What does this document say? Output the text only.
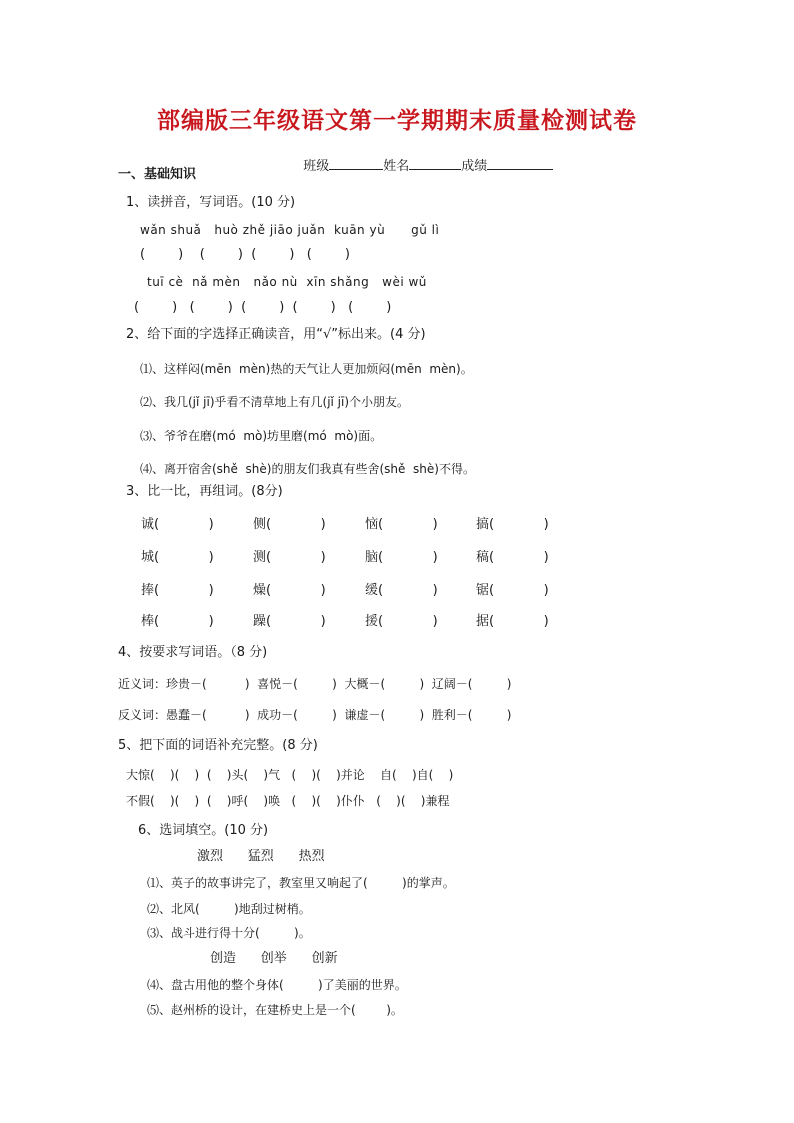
部编版三年级语文第一学期期末质量检测试卷

班级	姓名	成绩

一、基础知识
1、读拼音，写词语。(10 分)
wǎn shuǎ   huò zhě jiāo juǎn  kuān yù      gǔ lì
(        )    (        )  (        )   (        )
tuī cè  nǎ mèn   nǎo nù  xīn shǎng   wèi wǔ
(        )   (        )  (        )  (        )   (        )
2、给下面的字选择正确读音，用“√”标出来。(4 分)
⑴、这样闷(mēn  mèn)热的天气让人更加烦闷(mēn  mèn)。
⑵、我几(jǐ jī)乎看不清草地上有几(jǐ jī)个小朋友。
⑶、爷爷在磨(mó  mò)坊里磨(mó  mò)面。
⑷、离开宿舍(shě  shè)的朋友们我真有些舍(shě  shè)不得。
3、比一比，再组词。(8分)
诚(            )	侧(            )	恼(            )	搞(            )
城(            )	测(            )	脑(            )	稿(            )
捧(            )	燥(            )	缓(            )	锯(            )
棒(            )	躁(            )	援(            )	据(            )
4、按要求写词语。（8 分)
近义词：珍贵－(          )  喜悦－(         )  大概－(         )  辽阔－(         )
反义词：愚蠢－(          )  成功－(         )  谦虚－(         )  胜利－(         )
5、把下面的词语补充完整。(8 分)
大惊(    )(    )  (    )头(    )气   (    )(    )并论    自(    )自(    )
不假(    )(    )  (    )呼(    )唤   (    )(    )仆仆   (    )(    )兼程
6、选词填空。(10 分)
激烈      猛烈      热烈
⑴、英子的故事讲完了，教室里又响起了(         )的掌声。
⑵、北风(         )地刮过树梢。
⑶、战斗进行得十分(         )。
创造      创举      创新
⑷、盘古用他的整个身体(         )了美丽的世界。
⑸、赵州桥的设计，在建桥史上是一个(        )。
